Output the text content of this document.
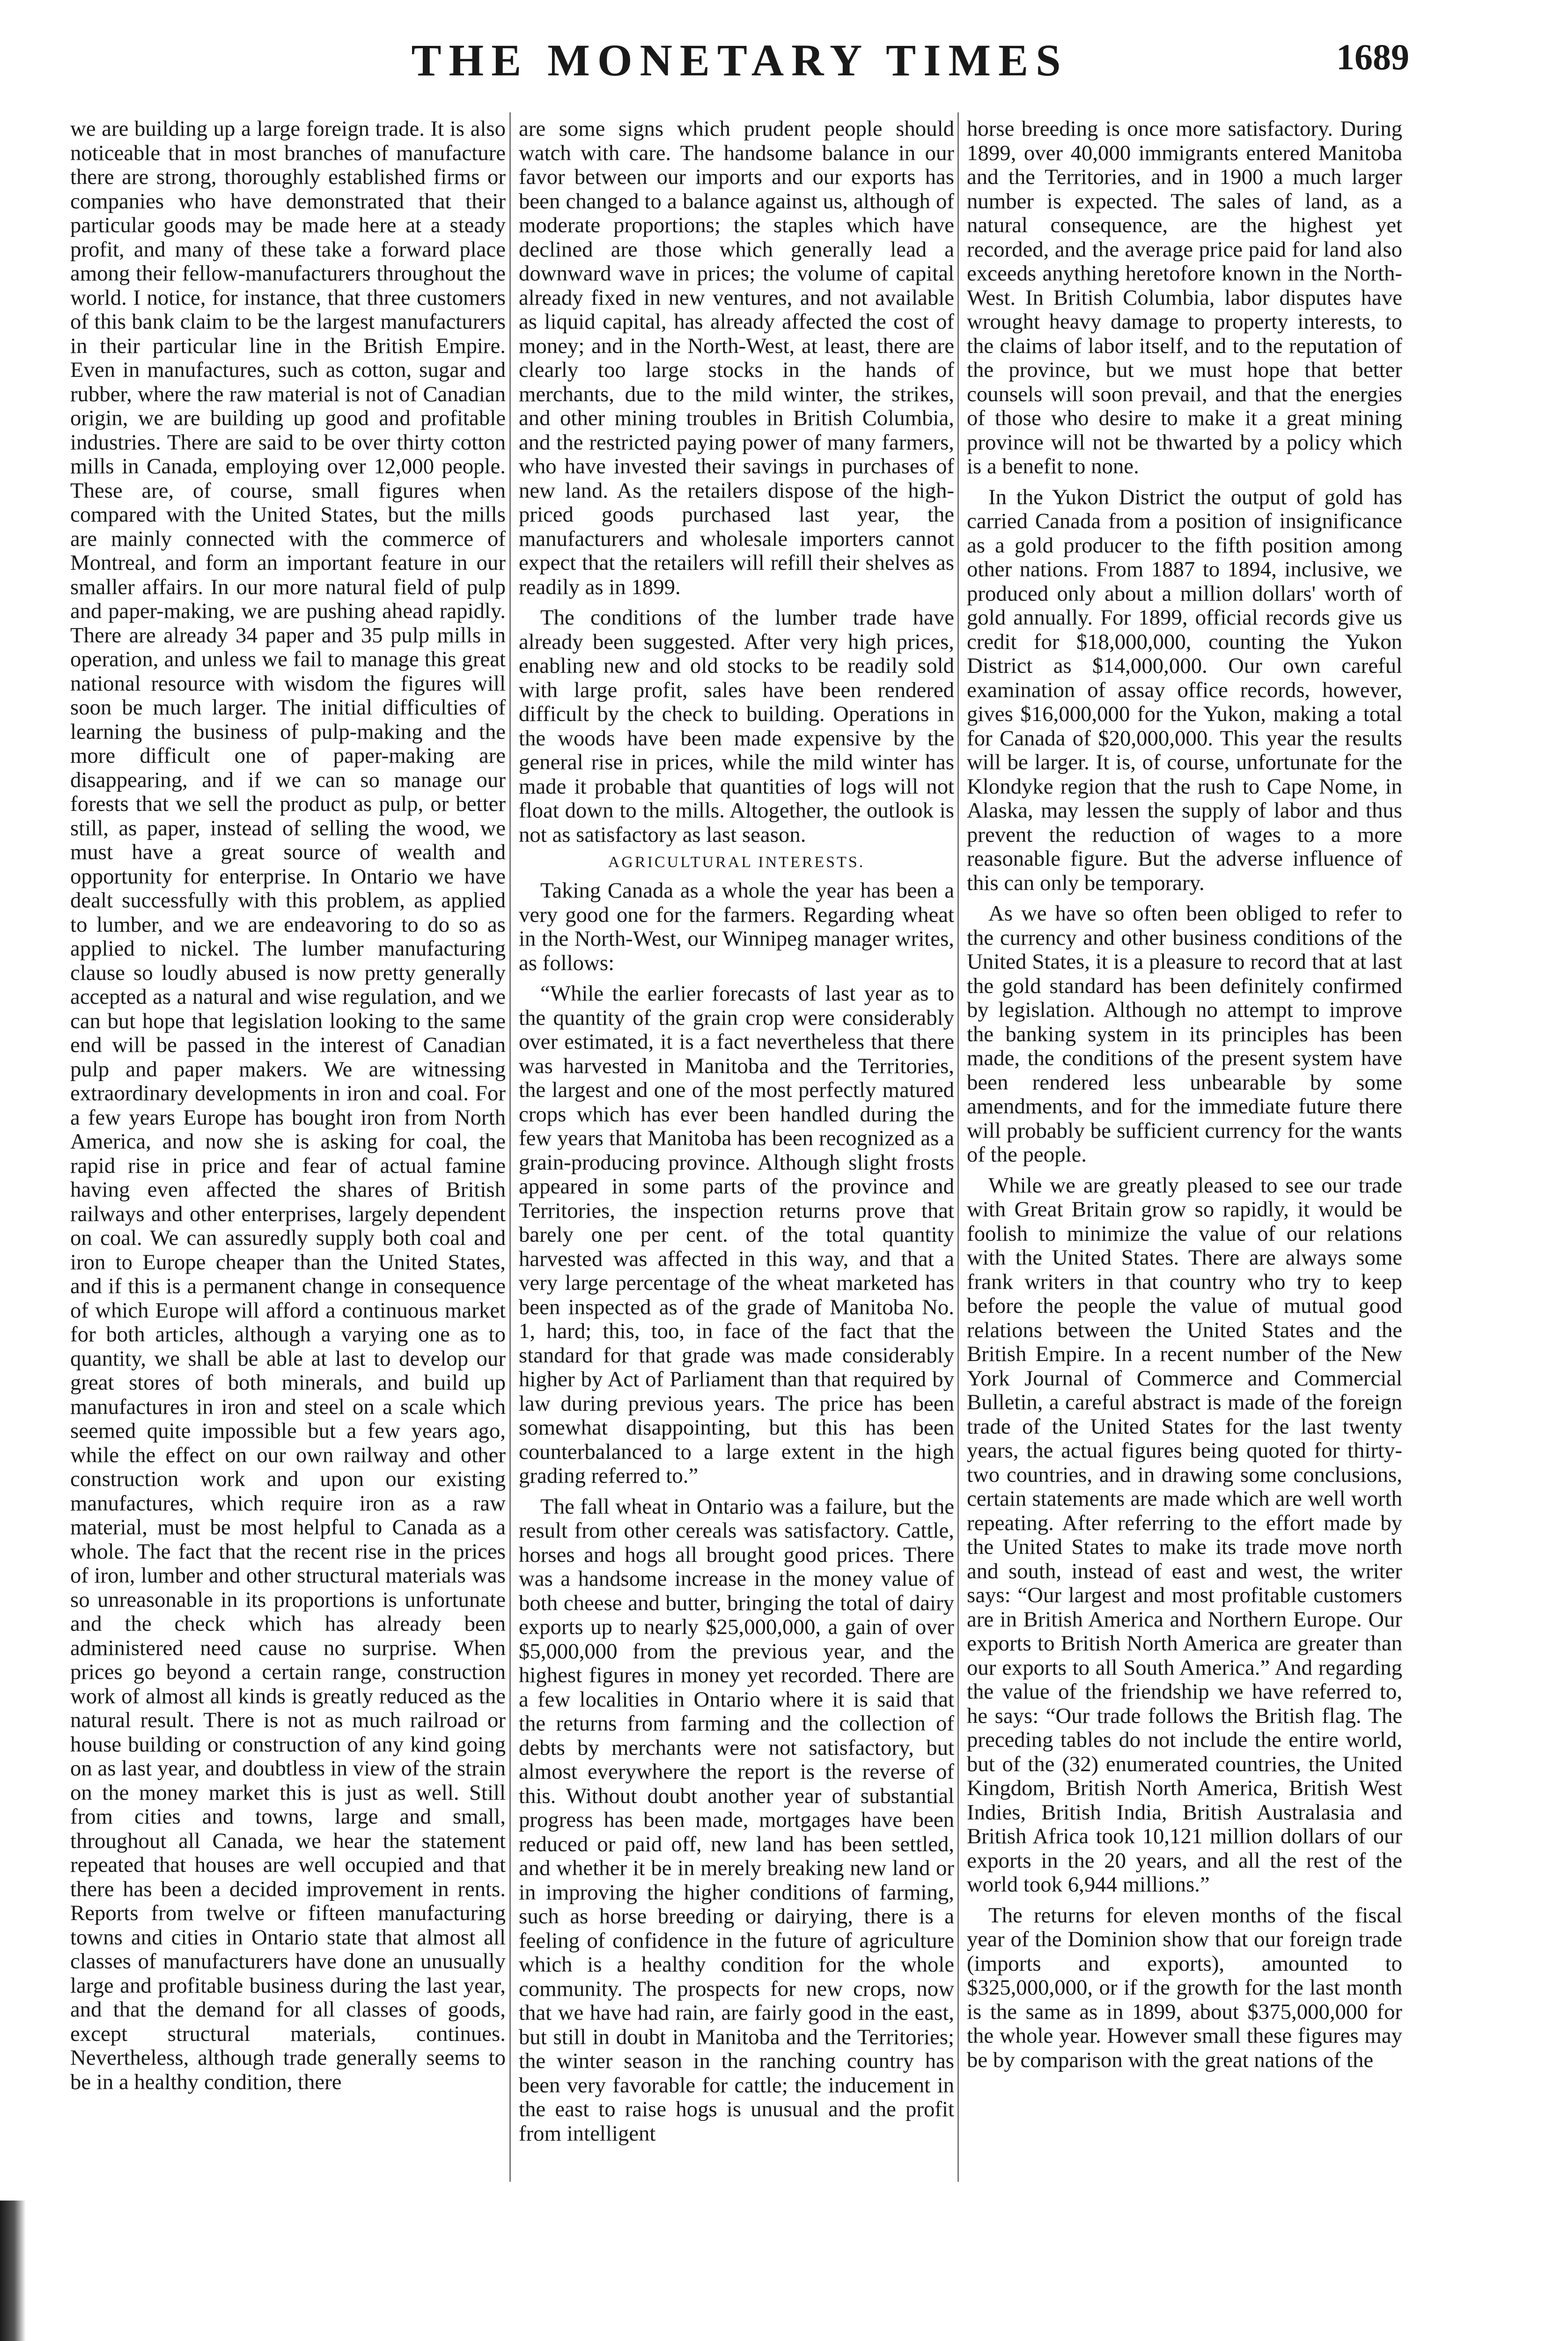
THE MONETARY TIMES	1689

we are building up a large foreign trade. It is also noticeable that in most branches of manufacture there are strong, thoroughly established firms or companies who have demonstrated that their particular goods may be made here at a steady profit, and many of these take a forward place among their fellow-manufacturers throughout the world. I notice, for instance, that three customers of this bank claim to be the largest manufacturers in their particular line in the British Empire. Even in manufactures, such as cotton, sugar and rubber, where the raw material is not of Canadian origin, we are building up good and profitable industries. There are said to be over thirty cotton mills in Canada, employing over 12,000 people. These are, of course, small figures when compared with the United States, but the mills are mainly connected with the commerce of Montreal, and form an important feature in our smaller affairs. In our more natural field of pulp and paper-making, we are pushing ahead rapidly. There are already 34 paper and 35 pulp mills in operation, and unless we fail to manage this great national resource with wisdom the figures will soon be much larger. The initial difficulties of learning the business of pulp-making and the more difficult one of paper-making are disappearing, and if we can so manage our forests that we sell the product as pulp, or better still, as paper, instead of selling the wood, we must have a great source of wealth and opportunity for enterprise. In Ontario we have dealt successfully with this problem, as applied to lumber, and we are endeavoring to do so as applied to nickel. The lumber manufacturing clause so loudly abused is now pretty generally accepted as a natural and wise regulation, and we can but hope that legislation looking to the same end will be passed in the interest of Canadian pulp and paper makers. We are witnessing extraordinary developments in iron and coal. For a few years Europe has bought iron from North America, and now she is asking for coal, the rapid rise in price and fear of actual famine having even affected the shares of British railways and other enterprises, largely dependent on coal. We can assuredly supply both coal and iron to Europe cheaper than the United States, and if this is a permanent change in consequence of which Europe will afford a continuous market for both articles, although a varying one as to quantity, we shall be able at last to develop our great stores of both minerals, and build up manufactures in iron and steel on a scale which seemed quite impossible but a few years ago, while the effect on our own railway and other construction work and upon our existing manufactures, which require iron as a raw material, must be most helpful to Canada as a whole. The fact that the recent rise in the prices of iron, lumber and other structural materials was so unreasonable in its proportions is unfortunate and the check which has already been administered need cause no surprise. When prices go beyond a certain range, construction work of almost all kinds is greatly reduced as the natural result. There is not as much railroad or house building or construction of any kind going on as last year, and doubtless in view of the strain on the money market this is just as well. Still from cities and towns, large and small, throughout all Canada, we hear the statement repeated that houses are well occupied and that there has been a decided improvement in rents. Reports from twelve or fifteen manufacturing towns and cities in Ontario state that almost all classes of manufacturers have done an unusually large and profitable business during the last year, and that the demand for all classes of goods, except structural materials, continues. Nevertheless, although trade generally seems to be in a healthy condition, there

are some signs which prudent people should watch with care. The handsome balance in our favor between our imports and our exports has been changed to a balance against us, although of moderate proportions; the staples which have declined are those which generally lead a downward wave in prices; the volume of capital already fixed in new ventures, and not available as liquid capital, has already affected the cost of money; and in the North-West, at least, there are clearly too large stocks in the hands of merchants, due to the mild winter, the strikes, and other mining troubles in British Columbia, and the restricted paying power of many farmers, who have invested their savings in purchases of new land. As the retailers dispose of the high-priced goods purchased last year, the manufacturers and wholesale importers cannot expect that the retailers will refill their shelves as readily as in 1899.

The conditions of the lumber trade have already been suggested. After very high prices, enabling new and old stocks to be readily sold with large profit, sales have been rendered difficult by the check to building. Operations in the woods have been made expensive by the general rise in prices, while the mild winter has made it probable that quantities of logs will not float down to the mills. Altogether, the outlook is not as satisfactory as last season.

AGRICULTURAL INTERESTS.

Taking Canada as a whole the year has been a very good one for the farmers. Regarding wheat in the North-West, our Winnipeg manager writes, as follows:

“While the earlier forecasts of last year as to the quantity of the grain crop were considerably over estimated, it is a fact nevertheless that there was harvested in Manitoba and the Territories, the largest and one of the most perfectly matured crops which has ever been handled during the few years that Manitoba has been recognized as a grain-producing province. Although slight frosts appeared in some parts of the province and Territories, the inspection returns prove that barely one per cent. of the total quantity harvested was affected in this way, and that a very large percentage of the wheat marketed has been inspected as of the grade of Manitoba No. 1, hard; this, too, in face of the fact that the standard for that grade was made considerably higher by Act of Parliament than that required by law during previous years. The price has been somewhat disappointing, but this has been counterbalanced to a large extent in the high grading referred to.”

The fall wheat in Ontario was a failure, but the result from other cereals was satisfactory. Cattle, horses and hogs all brought good prices. There was a handsome increase in the money value of both cheese and butter, bringing the total of dairy exports up to nearly $25,000,000, a gain of over $5,000,000 from the previous year, and the highest figures in money yet recorded. There are a few localities in Ontario where it is said that the returns from farming and the collection of debts by merchants were not satisfactory, but almost everywhere the report is the reverse of this. Without doubt another year of substantial progress has been made, mortgages have been reduced or paid off, new land has been settled, and whether it be in merely breaking new land or in improving the higher conditions of farming, such as horse breeding or dairying, there is a feeling of confidence in the future of agriculture which is a healthy condition for the whole community. The prospects for new crops, now that we have had rain, are fairly good in the east, but still in doubt in Manitoba and the Territories; the winter season in the ranching country has been very favorable for cattle; the inducement in the east to raise hogs is unusual and the profit from intelligent

horse breeding is once more satisfactory. During 1899, over 40,000 immigrants entered Manitoba and the Territories, and in 1900 a much larger number is expected. The sales of land, as a natural consequence, are the highest yet recorded, and the average price paid for land also exceeds anything heretofore known in the North-West. In British Columbia, labor disputes have wrought heavy damage to property interests, to the claims of labor itself, and to the reputation of the province, but we must hope that better counsels will soon prevail, and that the energies of those who desire to make it a great mining province will not be thwarted by a policy which is a benefit to none.

In the Yukon District the output of gold has carried Canada from a position of insignificance as a gold producer to the fifth position among other nations. From 1887 to 1894, inclusive, we produced only about a million dollars' worth of gold annually. For 1899, official records give us credit for $18,000,000, counting the Yukon District as $14,000,000. Our own careful examination of assay office records, however, gives $16,000,000 for the Yukon, making a total for Canada of $20,000,000. This year the results will be larger. It is, of course, unfortunate for the Klondyke region that the rush to Cape Nome, in Alaska, may lessen the supply of labor and thus prevent the reduction of wages to a more reasonable figure. But the adverse influence of this can only be temporary.

As we have so often been obliged to refer to the currency and other business conditions of the United States, it is a pleasure to record that at last the gold standard has been definitely confirmed by legislation. Although no attempt to improve the banking system in its principles has been made, the conditions of the present system have been rendered less unbearable by some amendments, and for the immediate future there will probably be sufficient currency for the wants of the people.

While we are greatly pleased to see our trade with Great Britain grow so rapidly, it would be foolish to minimize the value of our relations with the United States. There are always some frank writers in that country who try to keep before the people the value of mutual good relations between the United States and the British Empire. In a recent number of the New York Journal of Commerce and Commercial Bulletin, a careful abstract is made of the foreign trade of the United States for the last twenty years, the actual figures being quoted for thirty-two countries, and in drawing some conclusions, certain statements are made which are well worth repeating. After referring to the effort made by the United States to make its trade move north and south, instead of east and west, the writer says: “Our largest and most profitable customers are in British America and Northern Europe. Our exports to British North America are greater than our exports to all South America.” And regarding the value of the friendship we have referred to, he says: “Our trade follows the British flag. The preceding tables do not include the entire world, but of the (32) enumerated countries, the United Kingdom, British North America, British West Indies, British India, British Australasia and British Africa took 10,121 million dollars of our exports in the 20 years, and all the rest of the world took 6,944 millions.”

The returns for eleven months of the fiscal year of the Dominion show that our foreign trade (imports and exports), amounted to $325,000,000, or if the growth for the last month is the same as in 1899, about $375,000,000 for the whole year. However small these figures may be by comparison with the great nations of the
